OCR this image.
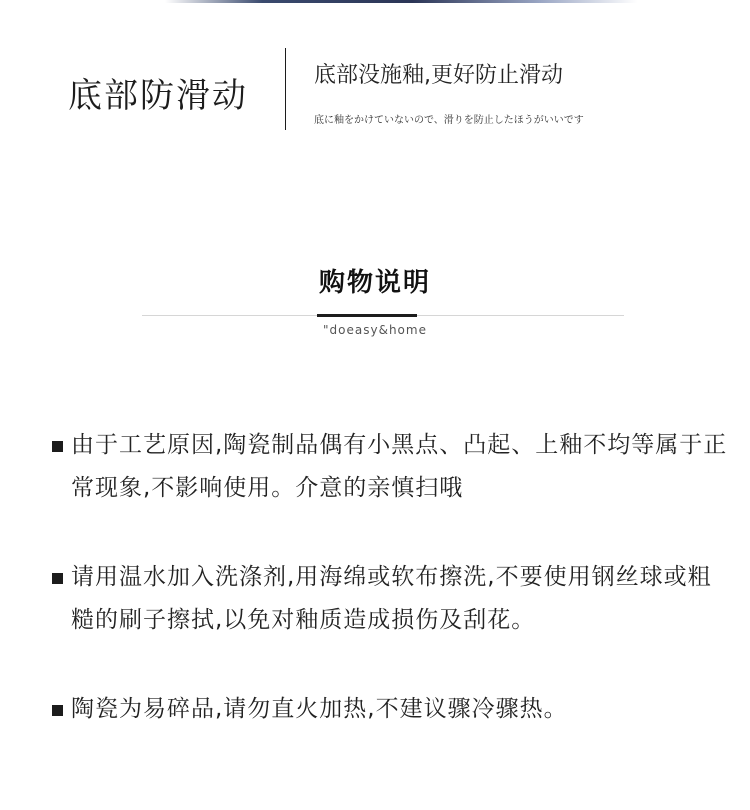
底部防滑动
底部没施釉,更好防止滑动
底に釉をかけていないので、滑りを防止したほうがいいです
购物说明
"doeasy&home
由于工艺原因,陶瓷制品偶有小黑点、凸起、上釉不均等属于正常现象,不影响使用。介意的亲慎扫哦
请用温水加入洗涤剂,用海绵或软布擦洗,不要使用钢丝球或粗糙的刷子擦拭,以免对釉质造成损伤及刮花。
陶瓷为易碎品,请勿直火加热,不建议骤冷骤热。
